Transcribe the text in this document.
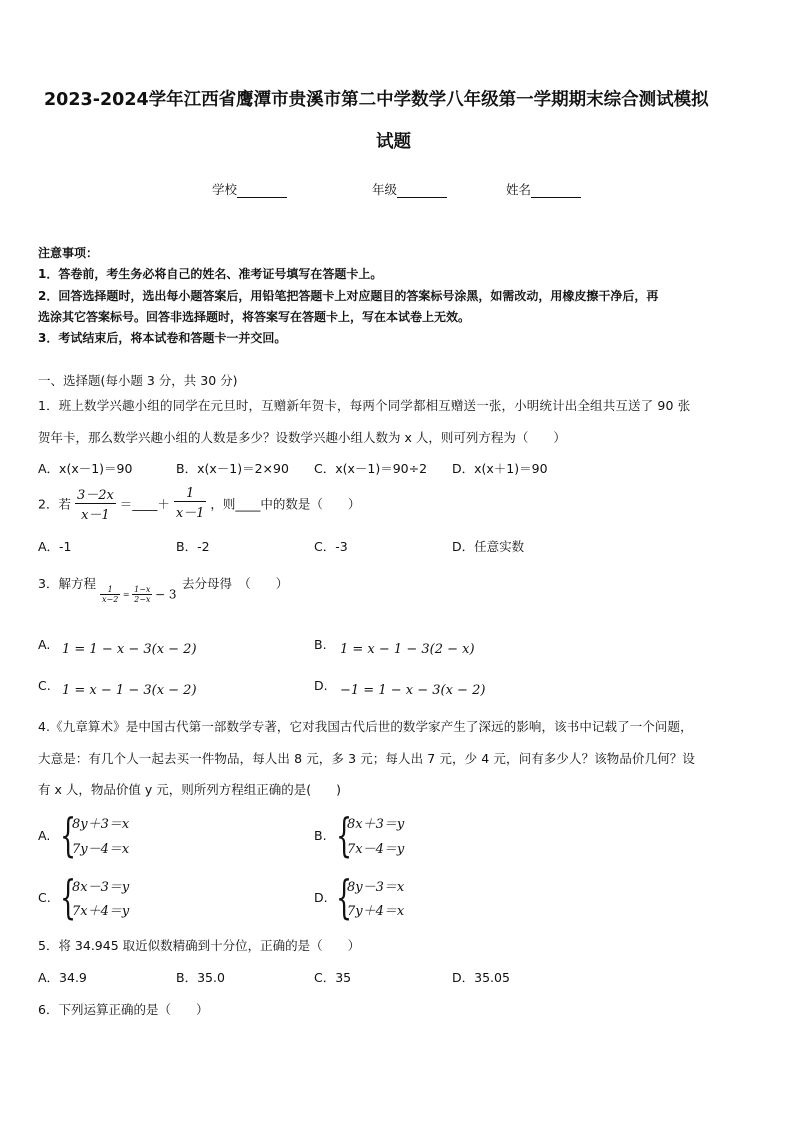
2023-2024学年江西省鹰潭市贵溪市第二中学数学八年级第一学期期末综合测试模拟
试题
学校	年级	姓名
注意事项：
1．答卷前，考生务必将自己的姓名、准考证号填写在答题卡上。
2．回答选择题时，选出每小题答案后，用铅笔把答题卡上对应题目的答案标号涂黑，如需改动，用橡皮擦干净后，再
选涂其它答案标号。回答非选择题时，将答案写在答题卡上，写在本试卷上无效。
3．考试结束后，将本试卷和答题卡一并交回。
一、选择题(每小题 3 分，共 30 分)
1．班上数学兴趣小组的同学在元旦时，互赠新年贺卡，每两个同学都相互赠送一张，小明统计出全组共互送了 90 张
贺年卡，那么数学兴趣小组的人数是多少？设数学兴趣小组人数为 x 人，则可列方程为（　　）
A．x(x－1)＝90	B．x(x－1)＝2×90 C．x(x－1)＝90÷2 D．x(x＋1)＝90
2．若 $\frac{3-2x}{x-1}$ ＝____＋ $\frac{1}{x-1}$ ，则____中的数是（　　）
A．-1	B．-2	C．-3	D．任意实数
3．解方程
$\frac{1}{x-2} = \frac{1-x}{2-x} - 3$
去分母得　（　　）
A. 1 = 1 − x − 3(x − 2)	B. 1 = x − 1 − 3(2 − x)
C. 1 = x − 1 − 3(x − 2)	D. −1 = 1 − x − 3(x − 2)
4.《九章算术》是中国古代第一部数学专著，它对我国古代后世的数学家产生了深远的影响，该书中记载了一个问题，
大意是：有几个人一起去买一件物品，每人出 8 元，多 3 元；每人出 7 元，少 4 元，问有多少人？该物品价几何？设
有 x 人，物品价值 y 元，则所列方程组正确的是(　　)
A. {
8y＋3＝x
7y－4＝x
B. {
8x＋3＝y
7x－4＝y
C. {
8x－3＝y
7x＋4＝y
D. {
8y－3＝x
7y＋4＝x
5．将 34.945 取近似数精确到十分位，正确的是（　　）
A．34.9	B．35.0	C．35	D．35.05
6．下列运算正确的是（　　）
